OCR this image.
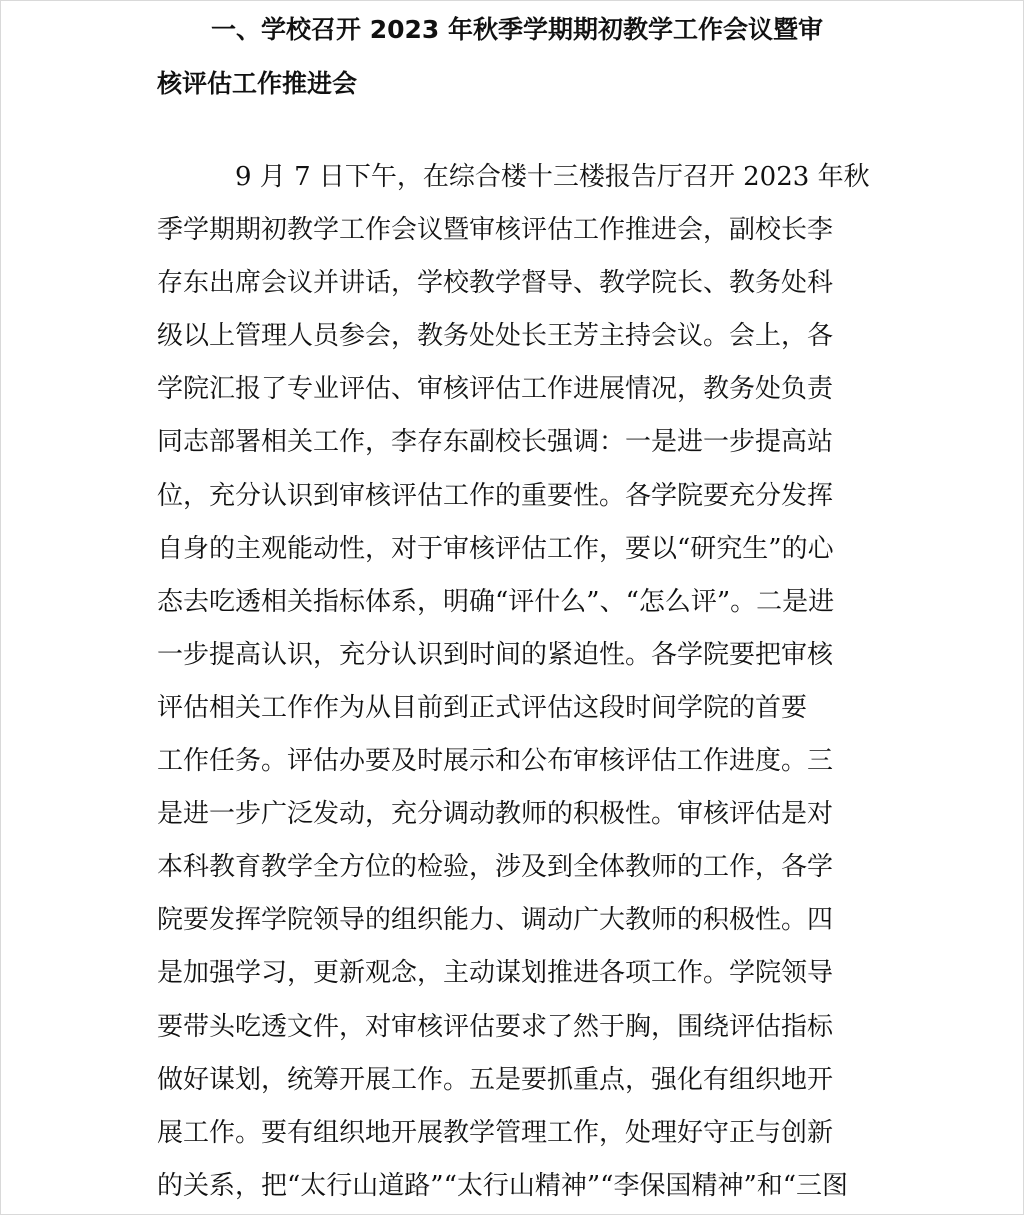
一、学校召开 2023 年秋季学期期初教学工作会议暨审
核评估工作推进会

9 月 7 日下午，在综合楼十三楼报告厅召开 2023 年秋
季学期期初教学工作会议暨审核评估工作推进会，副校长李
存东出席会议并讲话，学校教学督导、教学院长、教务处科
级以上管理人员参会，教务处处长王芳主持会议。会上，各
学院汇报了专业评估、审核评估工作进展情况，教务处负责
同志部署相关工作，李存东副校长强调：一是进一步提高站
位，充分认识到审核评估工作的重要性。各学院要充分发挥
自身的主观能动性，对于审核评估工作，要以“研究生”的心
态去吃透相关指标体系，明确“评什么”、“怎么评”。二是进
一步提高认识，充分认识到时间的紧迫性。各学院要把审核
评估相关工作作为从目前到正式评估这段时间学院的首要
工作任务。评估办要及时展示和公布审核评估工作进度。三
是进一步广泛发动，充分调动教师的积极性。审核评估是对
本科教育教学全方位的检验，涉及到全体教师的工作，各学
院要发挥学院领导的组织能力、调动广大教师的积极性。四
是加强学习，更新观念，主动谋划推进各项工作。学院领导
要带头吃透文件，对审核评估要求了然于胸，围绕评估指标
做好谋划，统筹开展工作。五是要抓重点，强化有组织地开
展工作。要有组织地开展教学管理工作，处理好守正与创新
的关系，把“太行山道路”“太行山精神”“李保国精神”和“三图
